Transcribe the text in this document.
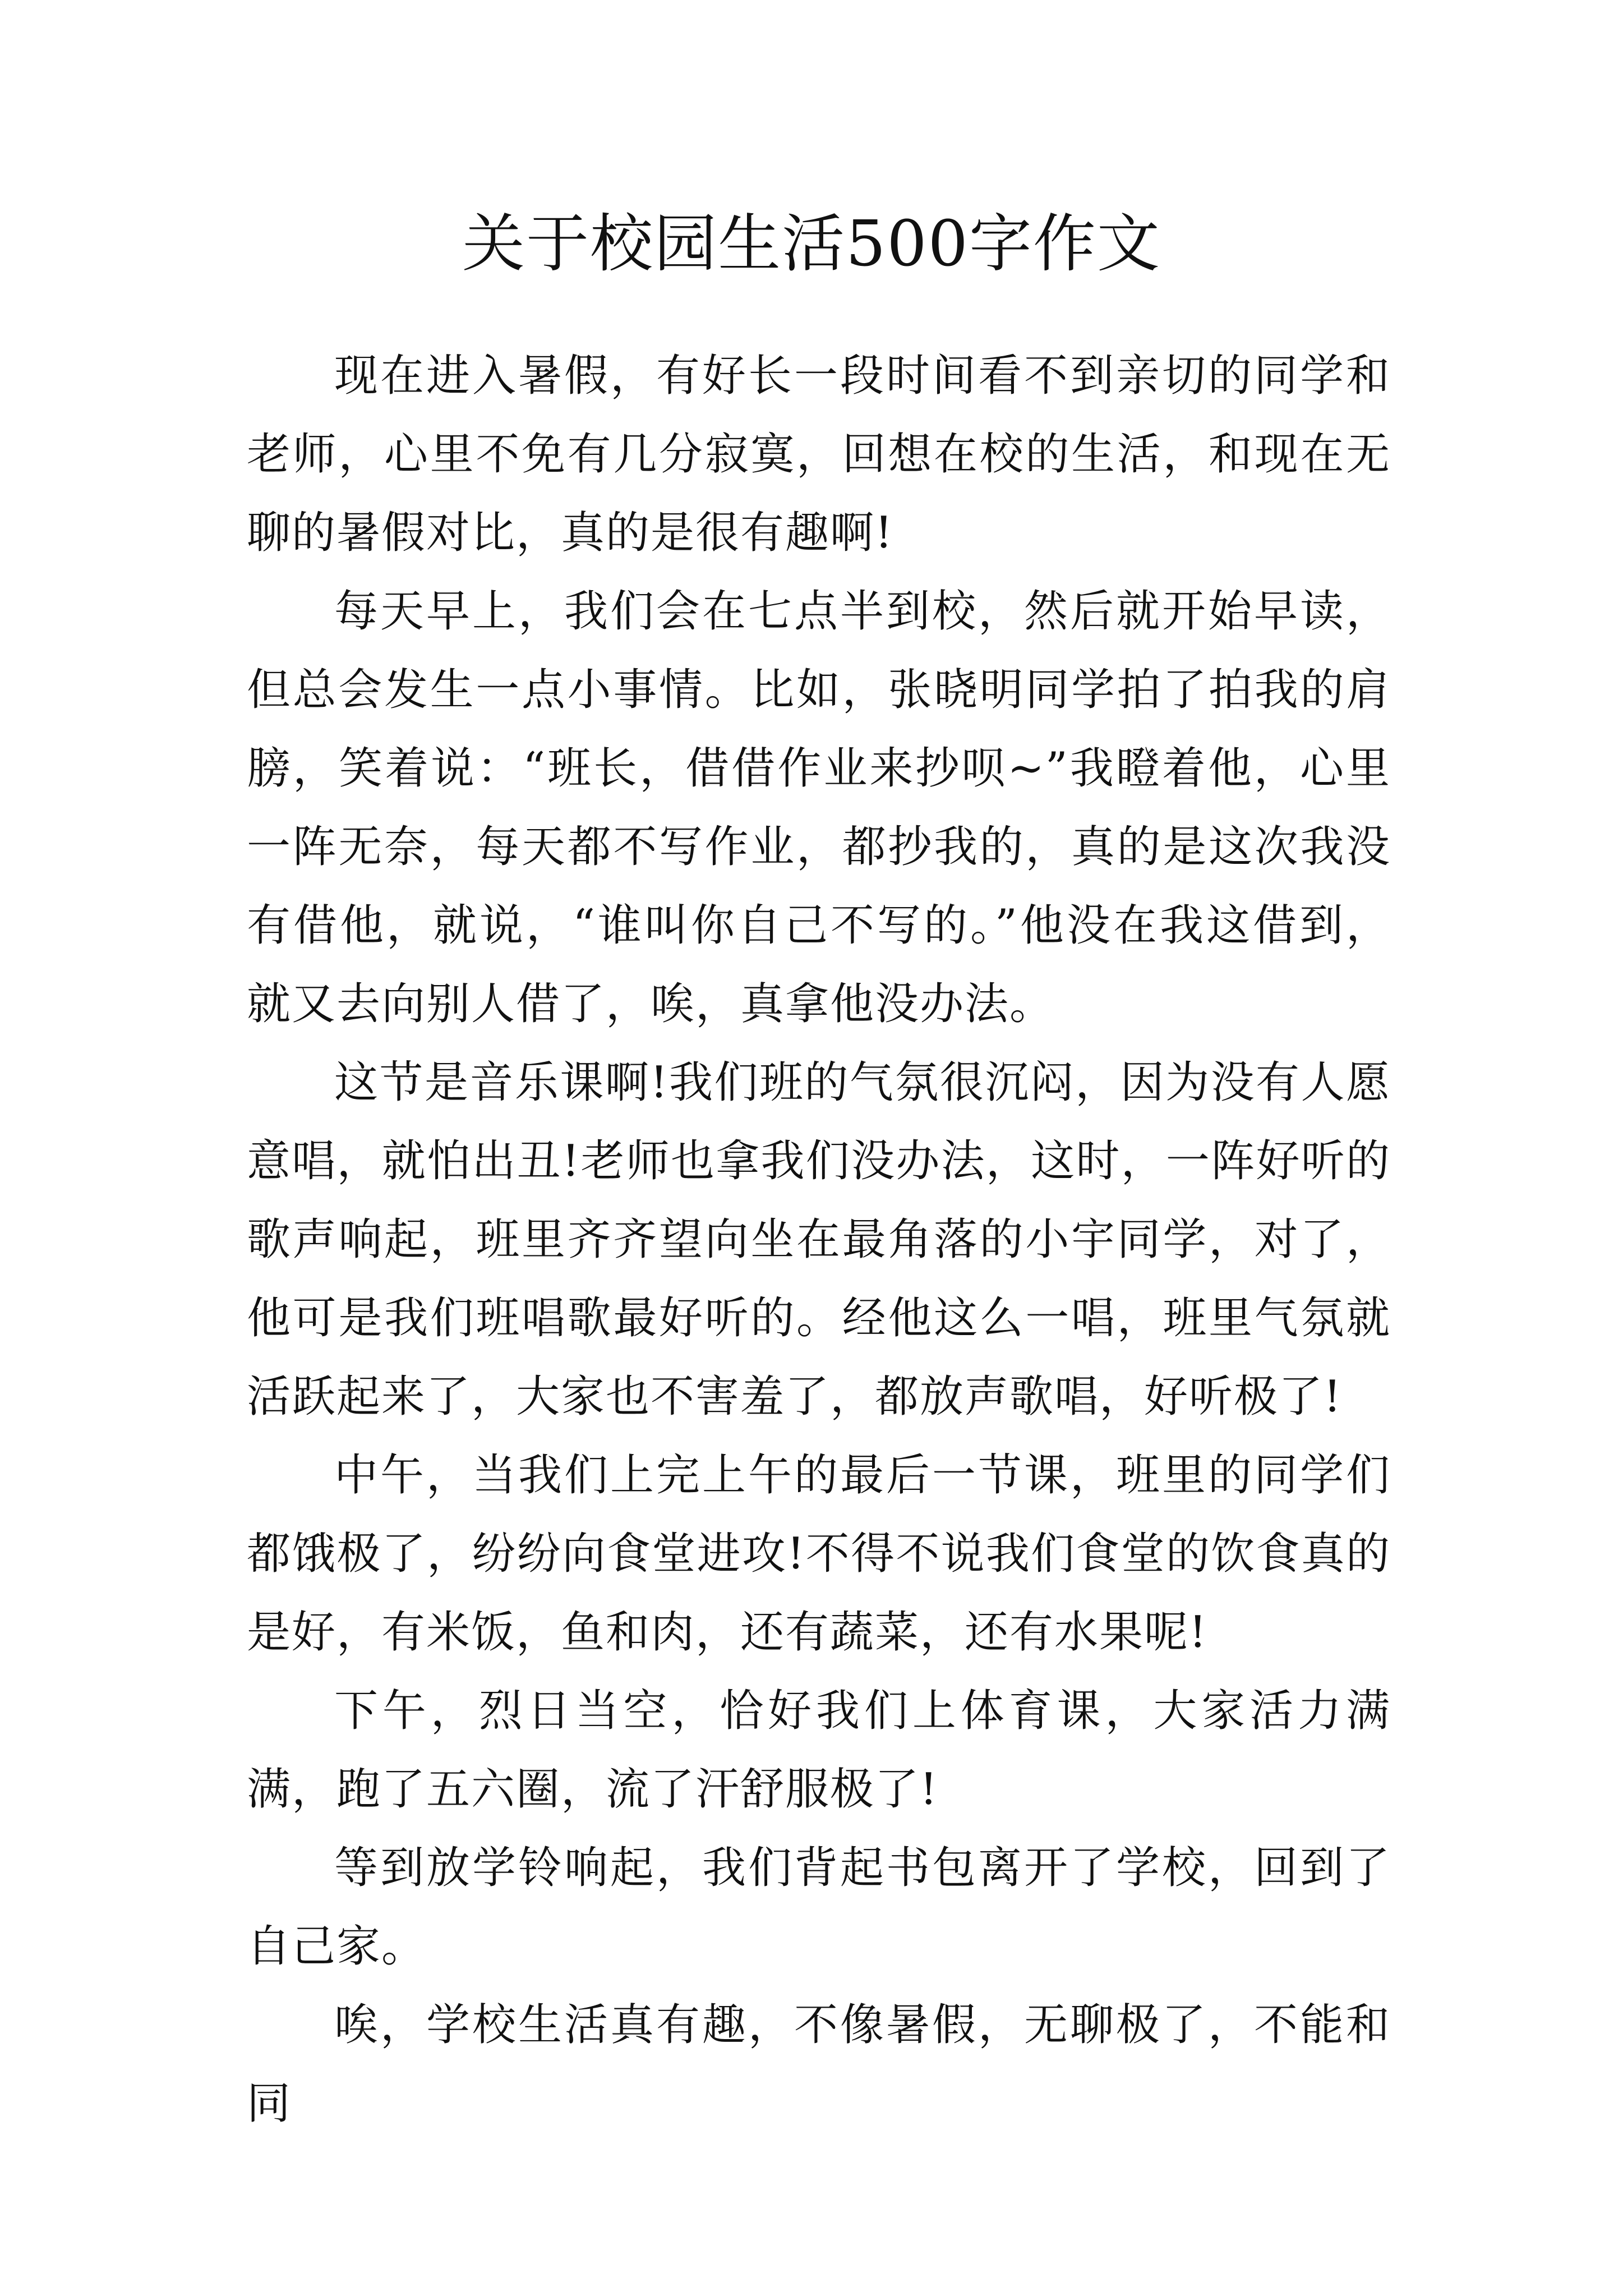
关于校园生活500字作文

现在进入暑假，有好长一段时间看不到亲切的同学和老师，心里不免有几分寂寞，回想在校的生活，和现在无聊的暑假对比，真的是很有趣啊!

每天早上，我们会在七点半到校，然后就开始早读，但总会发生一点小事情。比如，张晓明同学拍了拍我的肩膀，笑着说：“班长，借借作业来抄呗~”我瞪着他，心里一阵无奈，每天都不写作业，都抄我的，真的是这次我没有借他，就说，“谁叫你自己不写的。”他没在我这借到，就又去向别人借了，唉，真拿他没办法。

这节是音乐课啊!我们班的气氛很沉闷，因为没有人愿意唱，就怕出丑!老师也拿我们没办法，这时，一阵好听的歌声响起，班里齐齐望向坐在最角落的小宇同学，对了，他可是我们班唱歌最好听的。经他这么一唱，班里气氛就活跃起来了，大家也不害羞了，都放声歌唱，好听极了!

中午，当我们上完上午的最后一节课，班里的同学们都饿极了，纷纷向食堂进攻!不得不说我们食堂的饮食真的是好，有米饭，鱼和肉，还有蔬菜，还有水果呢!

下午，烈日当空，恰好我们上体育课，大家活力满满，跑了五六圈，流了汗舒服极了!

等到放学铃响起，我们背起书包离开了学校，回到了自己家。

唉，学校生活真有趣，不像暑假，无聊极了，不能和同
